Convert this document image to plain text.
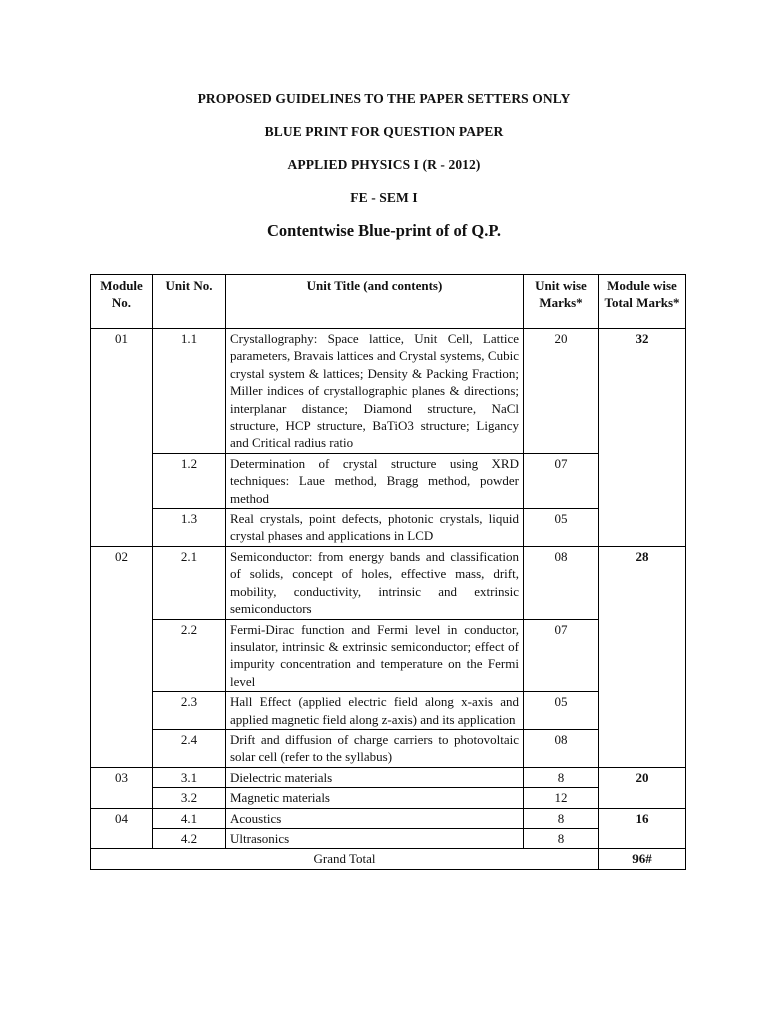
PROPOSED GUIDELINES TO THE PAPER SETTERS ONLY
BLUE PRINT FOR QUESTION PAPER
APPLIED PHYSICS I (R - 2012)
FE - SEM I
Contentwise Blue-print of of Q.P.
Module No.	Unit No.	Unit Title (and contents)	Unit wise Marks*	Module wise Total Marks*
01	1.1	Crystallography: Space lattice, Unit Cell, Lattice parameters, Bravais lattices and Crystal systems, Cubic crystal system & lattices; Density & Packing Fraction; Miller indices of crystallographic planes & directions; interplanar distance; Diamond structure, NaCl structure, HCP structure, BaTiO3 structure; Ligancy and Critical radius ratio	20	32
	1.2	Determination of crystal structure using XRD techniques: Laue method, Bragg method, powder method	07	
	1.3	Real crystals, point defects, photonic crystals, liquid crystal phases and applications in LCD	05	
02	2.1	Semiconductor: from energy bands and classification of solids, concept of holes, effective mass, drift, mobility, conductivity, intrinsic and extrinsic semiconductors	08	28
	2.2	Fermi-Dirac function and Fermi level in conductor, insulator, intrinsic & extrinsic semiconductor; effect of impurity concentration and temperature on the Fermi level	07	
	2.3	Hall Effect (applied electric field along x-axis and applied magnetic field along z-axis) and its application	05	
	2.4	Drift and diffusion of charge carriers to photovoltaic solar cell (refer to the syllabus)	08	
03	3.1	Dielectric materials	8	20
	3.2	Magnetic materials	12	
04	4.1	Acoustics	8	16
	4.2	Ultrasonics	8	
Grand Total				96#
